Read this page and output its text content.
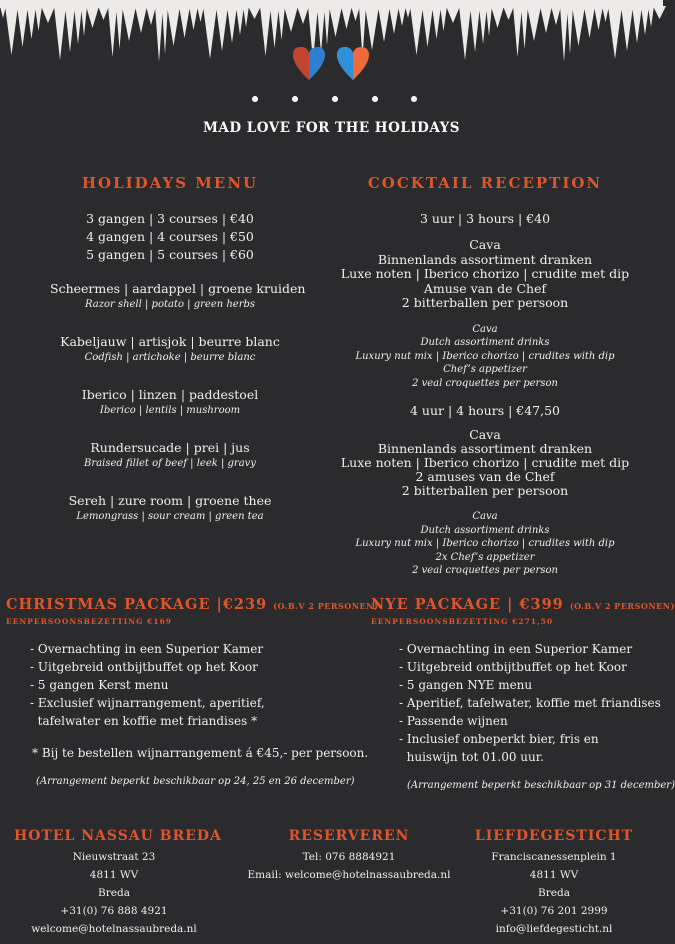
MAD LOVE FOR THE HOLIDAYS
HOLIDAYS MENU
3 gangen | 3 courses | €40
4 gangen | 4 courses | €50
5 gangen | 5 courses | €60
Scheermes | aardappel | groene kruiden
Razor shell | potato | green herbs
Kabeljauw | artisjok | beurre blanc
Codfish | artichoke | beurre blanc
Iberico | linzen | paddestoel
Iberico | lentils | mushroom
Rundersucade | prei | jus
Braised fillet of beef | leek | gravy
Sereh | zure room | groene thee
Lemongrass | sour cream | green tea
COCKTAIL RECEPTION
3 uur | 3 hours | €40
Cava
Binnenlands assortiment dranken
Luxe noten | Iberico chorizo | crudite met dip
Amuse van de Chef
2 bitterballen per persoon
Cava
Dutch assortiment drinks
Luxury nut mix | Iberico chorizo | crudites with dip
Chef’s appetizer
2 veal croquettes per person
4 uur | 4 hours | €47,50
Cava
Binnenlands assortiment dranken
Luxe noten | Iberico chorizo | crudite met dip
2 amuses van de Chef
2 bitterballen per persoon
Cava
Dutch assortiment drinks
Luxury nut mix | Iberico chorizo | crudites with dip
2x Chef’s appetizer
2 veal croquettes per person
CHRISTMAS PACKAGE |€239 (O.B.V 2 PERSONEN)
EENPERSOONSBEZETTING €169
- Overnachting in een Superior Kamer
- Uitgebreid ontbijtbuffet op het Koor
- 5 gangen Kerst menu
- Exclusief wijnarrangement, aperitief,
tafelwater en koffie met friandises *
* Bij te bestellen wijnarrangement á €45,- per persoon.
(Arrangement beperkt beschikbaar op 24, 25 en 26 december)
NYE PACKAGE | €399 (O.B.V 2 PERSONEN)
EENPERSOONSBEZETTING €271,50
- Overnachting in een Superior Kamer
- Uitgebreid ontbijtbuffet op het Koor
- 5 gangen NYE menu
- Aperitief, tafelwater, koffie met friandises
- Passende wijnen
- Inclusief onbeperkt bier, fris en
huiswijn tot 01.00 uur.
(Arrangement beperkt beschikbaar op 31 december)
HOTEL NASSAU BREDA
Nieuwstraat 23
4811 WV
Breda
+31(0) 76 888 4921
welcome@hotelnassaubreda.nl
RESERVEREN
Tel: 076 8884921
Email: welcome@hotelnassaubreda.nl
LIEFDEGESTICHT
Franciscanessenplein 1
4811 WV
Breda
+31(0) 76 201 2999
info@liefdegesticht.nl
